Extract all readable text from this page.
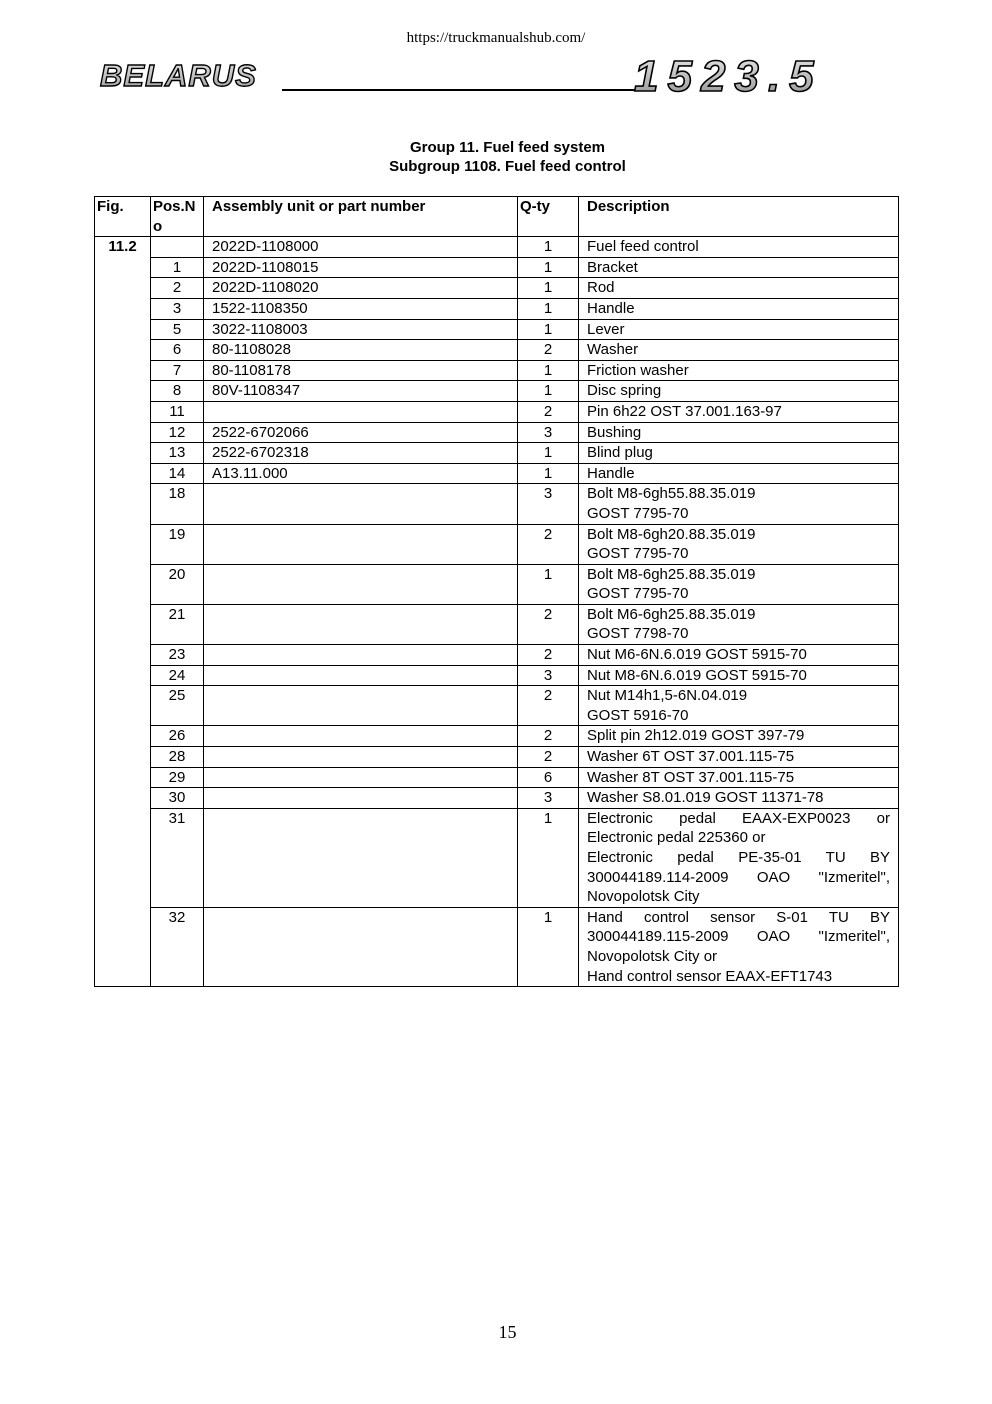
https://truckmanualshub.com/
BELARUS	1523.5
Group 11. Fuel feed system
Subgroup 1108. Fuel feed control
Fig.	Pos.No	Assembly unit or part number	Q-ty	Description
11.2		2022D-1108000	1	Fuel feed control

	1	2022D-1108015	1	Bracket

	2	2022D-1108020	1	Rod

	3	1522-1108350	1	Handle

	5	3022-1108003	1	Lever

	6	80-1108028	2	Washer

	7	80-1108178	1	Friction washer

	8	80V-1108347	1	Disc spring

	11		2	Pin 6h22 OST 37.001.163-97

	12	2522-6702066	3	Bushing

	13	2522-6702318	1	Blind plug

	14	A13.11.000	1	Handle

	18		3	Bolt M8-6gh55.88.35.019
GOST 7795-70

	19		2	Bolt M8-6gh20.88.35.019
GOST 7795-70

	20		1	Bolt M8-6gh25.88.35.019
GOST 7795-70

	21		2	Bolt M6-6gh25.88.35.019
GOST 7798-70

	23		2	Nut M6-6N.6.019 GOST 5915-70

	24		3	Nut M8-6N.6.019 GOST 5915-70

	25		2	Nut M14h1,5-6N.04.019
GOST 5916-70

	26		2	Split pin 2h12.019 GOST 397-79

	28		2	Washer 6T OST 37.001.115-75

	29		6	Washer 8T OST 37.001.115-75

	30		3	Washer S8.01.019 GOST 11371-78

	31		1	Electronic pedal EAAX-EXP0023 or
Electronic pedal 225360 or
Electronic pedal PE-35-01 TU BY
300044189.114-2009 OAO "Izmeritel",
Novopolotsk City

	32		1	Hand control sensor S-01 TU BY
300044189.115-2009 OAO "Izmeritel",
Novopolotsk City or
Hand control sensor EAAX-EFT1743
15
